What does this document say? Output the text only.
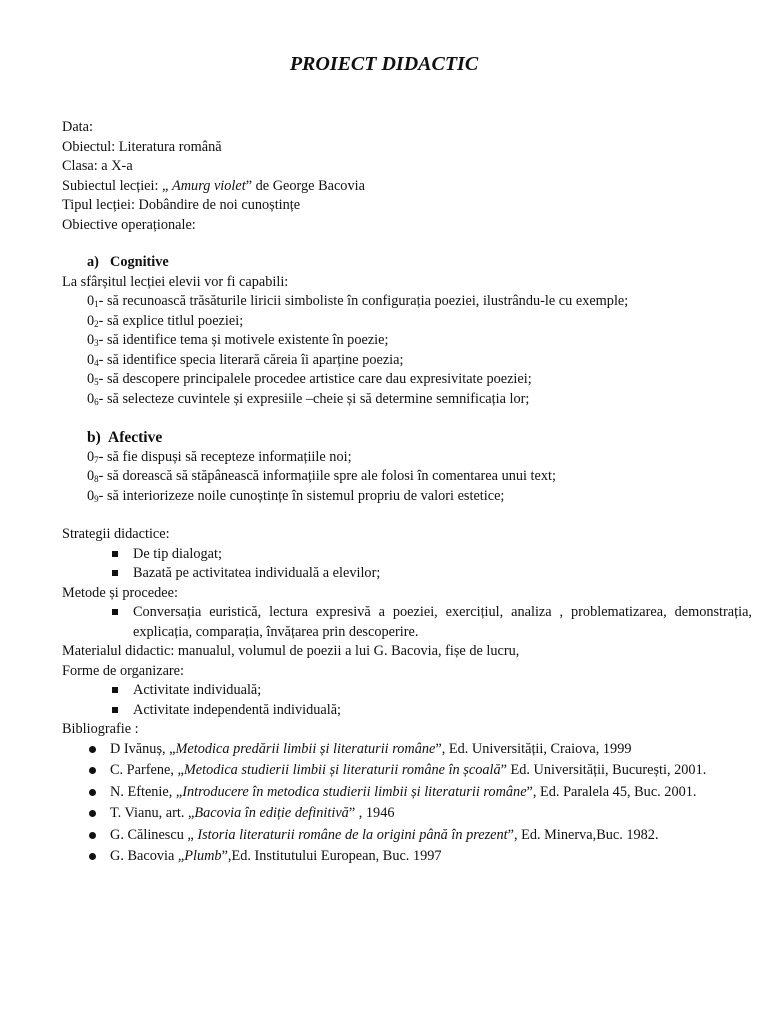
PROIECT DIDACTIC
Data:
Obiectul: Literatura română
Clasa: a X-a
Subiectul lecției: „ Amurg violet” de George Bacovia
Tipul lecției: Dobândire de noi cunoștințe
Obiective operaționale:
a) Cognitive
La sfârșitul lecției elevii vor fi capabili:
$0_1-$ să recunoască trăsăturile liricii simboliste în configurația poeziei, ilustrându-le cu exemple;
$0_2-$ să explice titlul poeziei;
$0_3-$ să identifice tema și motivele existente în poezie;
$0_4-$ să identifice specia literară căreia îi aparține poezia;
$0_5-$ să descopere principalele procedee artistice care dau expresivitate poeziei;
$0_6-$ să selecteze cuvintele și expresiile –cheie și să determine semnificația lor;
b) Afective
$0_7-$ să fie dispuși să recepteze informațiile noi;
$0_8-$ să dorească să stăpânească informațiile spre ale folosi în comentarea unui text;
$0_9-$ să interiorizeze noile cunoștințe în sistemul propriu de valori estetice;
Strategii didactice:
De tip dialogat;
Bazată pe activitatea individuală a elevilor;
Metode și procedee:
Conversația euristică, lectura expresivă a poeziei, exercițiul, analiza , problematizarea, demonstrația, explicația, comparația, învățarea prin descoperire.
Materialul didactic: manualul, volumul de poezii a lui G. Bacovia, fișe de lucru,
Forme de organizare:
Activitate individuală;
Activitate independentă individuală;
Bibliografie :
D Ivănuș, „Metodica predării limbii și literaturii române”, Ed. Universității, Craiova, 1999
C. Parfene, „Metodica studierii limbii și literaturii române în școală” Ed. Universității, București, 2001.
N. Eftenie, „Introducere în metodica studierii limbii și literaturii române”, Ed. Paralela 45, Buc. 2001.
T. Vianu, art. „Bacovia în ediție definitivă” , 1946
G. Călinescu „ Istoria literaturii române de la origini până în prezent”, Ed. Minerva,Buc. 1982.
G. Bacovia „Plumb”,Ed. Institutului European, Buc. 1997
